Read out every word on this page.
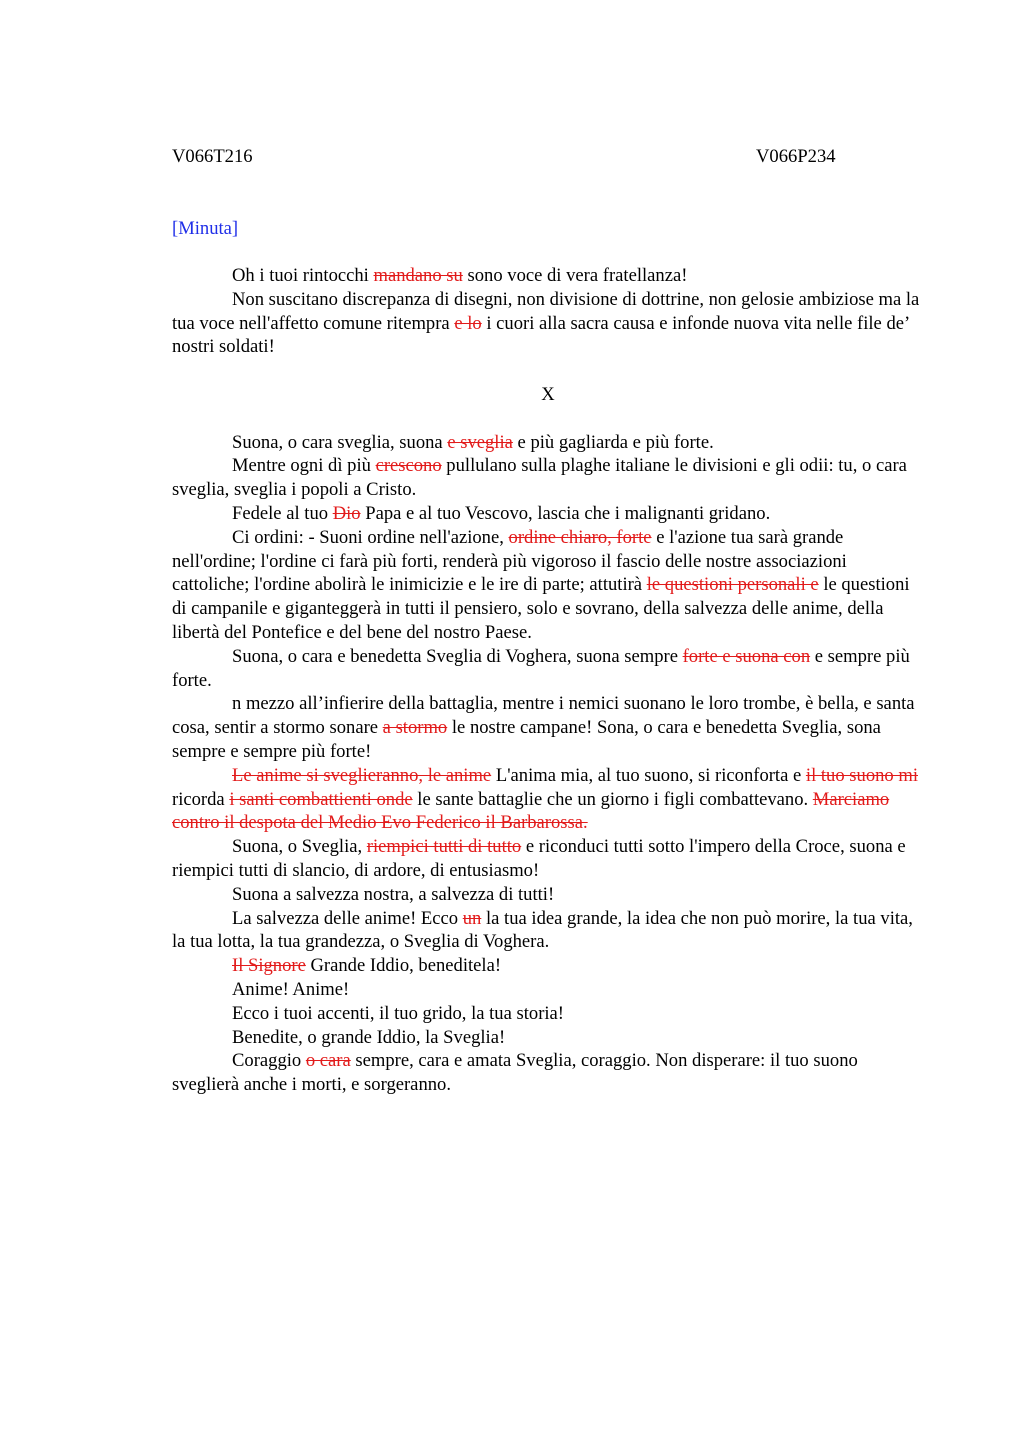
V066T216	V066P234
[Minuta]

Oh i tuoi rintocchi mandano su sono voce di vera fratellanza!

Non suscitano discrepanza di disegni, non divisione di dottrine, non gelosie ambiziose ma la tua voce nell'affetto comune ritempra e lo i cuori alla sacra causa e infonde nuova vita nelle file de’ nostri soldati!

X

Suona, o cara sveglia, suona e sveglia e più gagliarda e più forte.

Mentre ogni dì più crescono pullulano sulla plaghe italiane le divisioni e gli odii: tu, o cara sveglia, sveglia i popoli a Cristo.

Fedele al tuo Dio Papa e al tuo Vescovo, lascia che i malignanti gridano.

Ci ordini: - Suoni ordine nell'azione, ordine chiaro, forte e l'azione tua sarà grande nell'ordine; l'ordine ci farà più forti, renderà più vigoroso il fascio delle nostre associazioni cattoliche; l'ordine abolirà le inimicizie e le ire di parte; attutirà le questioni personali e le questioni di campanile e giganteggerà in tutti il pensiero, solo e sovrano, della salvezza delle anime, della libertà del Pontefice e del bene del nostro Paese.

Suona, o cara e benedetta Sveglia di Voghera, suona sempre forte e suona con e sempre più forte.

n mezzo all’infierire della battaglia, mentre i nemici suonano le loro trombe, è bella, e santa cosa, sentir a stormo sonare a stormo le nostre campane! Sona, o cara e benedetta Sveglia, sona sempre e sempre più forte!

Le anime si sveglieranno, le anime L'anima mia, al tuo suono, si riconforta e il tuo suono mi ricorda i santi combattienti onde le sante battaglie che un giorno i figli combattevano. Marciamo contro il despota del Medio Evo Federico il Barbarossa.

Suona, o Sveglia, riempici tutti di tutto e riconduci tutti sotto l'impero della Croce, suona e riempici tutti di slancio, di ardore, di entusiasmo!

Suona a salvezza nostra, a salvezza di tutti!

La salvezza delle anime! Ecco un la tua idea grande, la idea che non può morire, la tua vita, la tua lotta, la tua grandezza, o Sveglia di Voghera.

Il Signore Grande Iddio, beneditela!

Anime! Anime!

Ecco i tuoi accenti, il tuo grido, la tua storia!

Benedite, o grande Iddio, la Sveglia!

Coraggio o cara sempre, cara e amata Sveglia, coraggio. Non disperare: il tuo suono sveglierà anche i morti, e sorgeranno.
